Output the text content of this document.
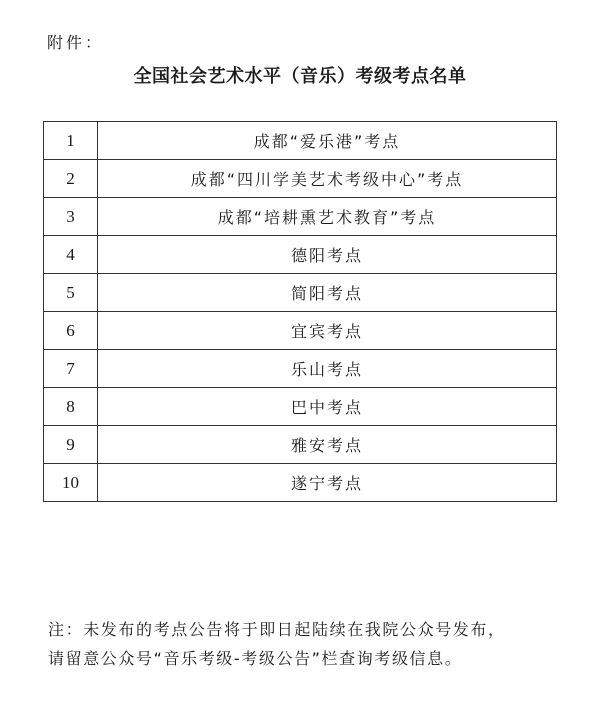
附件：
全国社会艺术水平（音乐）考级考点名单
1	成都“爱乐港”考点
2	成都“四川学美艺术考级中心”考点
3	成都“培耕熏艺术教育”考点
4	德阳考点
5	简阳考点
6	宜宾考点
7	乐山考点
8	巴中考点
9	雅安考点
10	遂宁考点

注：未发布的考点公告将于即日起陆续在我院公众号发布，

请留意公众号“音乐考级-考级公告”栏查询考级信息。
